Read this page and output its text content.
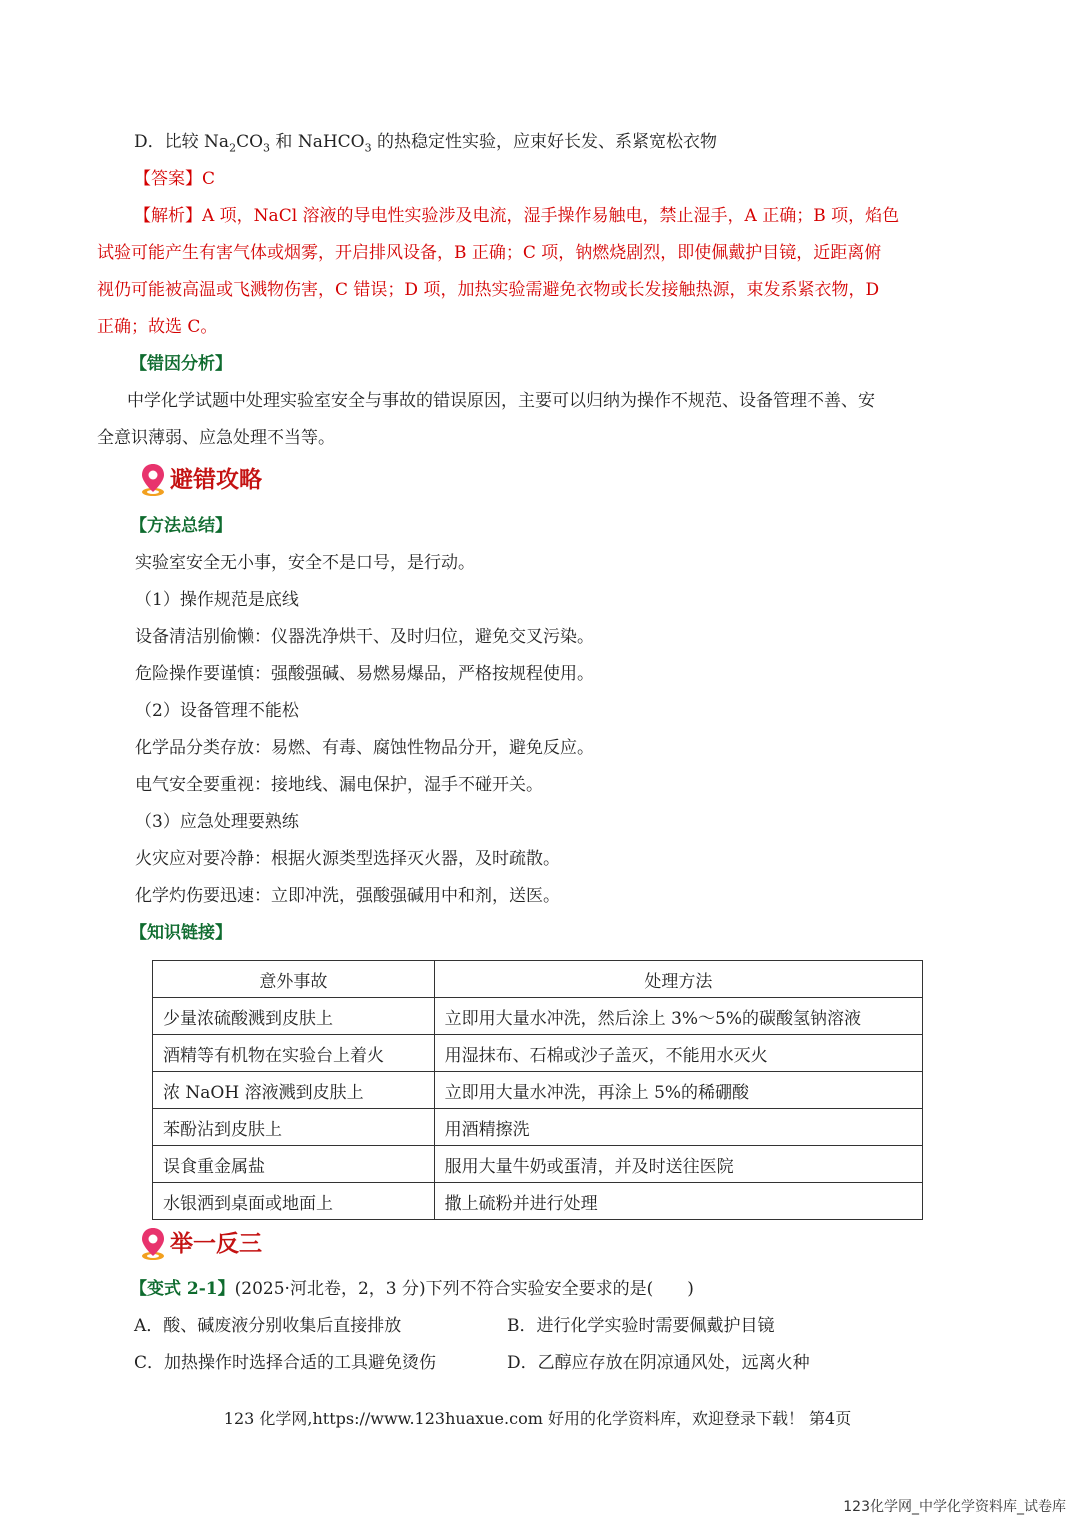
D．比较 $Na_2CO_3$ 和 NaHCO$_3$ 的热稳定性实验，应束好长发、系紧宽松衣物
【答案】C
【解析】A 项，NaCl 溶液的导电性实验涉及电流，湿手操作易触电，禁止湿手，A 正确；B 项，焰色
试验可能产生有害气体或烟雾，开启排风设备，B 正确；C 项，钠燃烧剧烈，即使佩戴护目镜，近距离俯
视仍可能被高温或飞溅物伤害，C 错误；D 项，加热实验需避免衣物或长发接触热源，束发系紧衣物，D
正确；故选 C。
【错因分析】
中学化学试题中处理实验室安全与事故的错误原因，主要可以归纳为操作不规范、设备管理不善、安
全意识薄弱、应急处理不当等。
避错攻略
【方法总结】
实验室安全无小事，安全不是口号，是行动。
（1）操作规范是底线
设备清洁别偷懒：仪器洗净烘干、及时归位，避免交叉污染。
危险操作要谨慎：强酸强碱、易燃易爆品，严格按规程使用。
（2）设备管理不能松
化学品分类存放：易燃、有毒、腐蚀性物品分开，避免反应。
电气安全要重视：接地线、漏电保护，湿手不碰开关。
（3）应急处理要熟练
火灾应对要冷静：根据火源类型选择灭火器，及时疏散。
化学灼伤要迅速：立即冲洗，强酸强碱用中和剂，送医。
【知识链接】
意外事故	处理方法
少量浓硫酸溅到皮肤上	立即用大量水冲洗，然后涂上 3%～5%的碳酸氢钠溶液
酒精等有机物在实验台上着火	用湿抹布、石棉或沙子盖灭，不能用水灭火
浓 NaOH 溶液溅到皮肤上	立即用大量水冲洗，再涂上 5%的稀硼酸
苯酚沾到皮肤上	用酒精擦洗
误食重金属盐	服用大量牛奶或蛋清，并及时送往医院
水银洒到桌面或地面上	撒上硫粉并进行处理
举一反三
【变式 2-1】(2025·河北卷，2，3 分)下列不符合实验安全要求的是(　　)
A．酸、碱废液分别收集后直接排放	B．进行化学实验时需要佩戴护目镜
C．加热操作时选择合适的工具避免烫伤	D．乙醇应存放在阴凉通风处，远离火种
123 化学网,https://www.123huaxue.com 好用的化学资料库，欢迎登录下载！ 第4页
123化学网_中学化学资料库_试卷库
